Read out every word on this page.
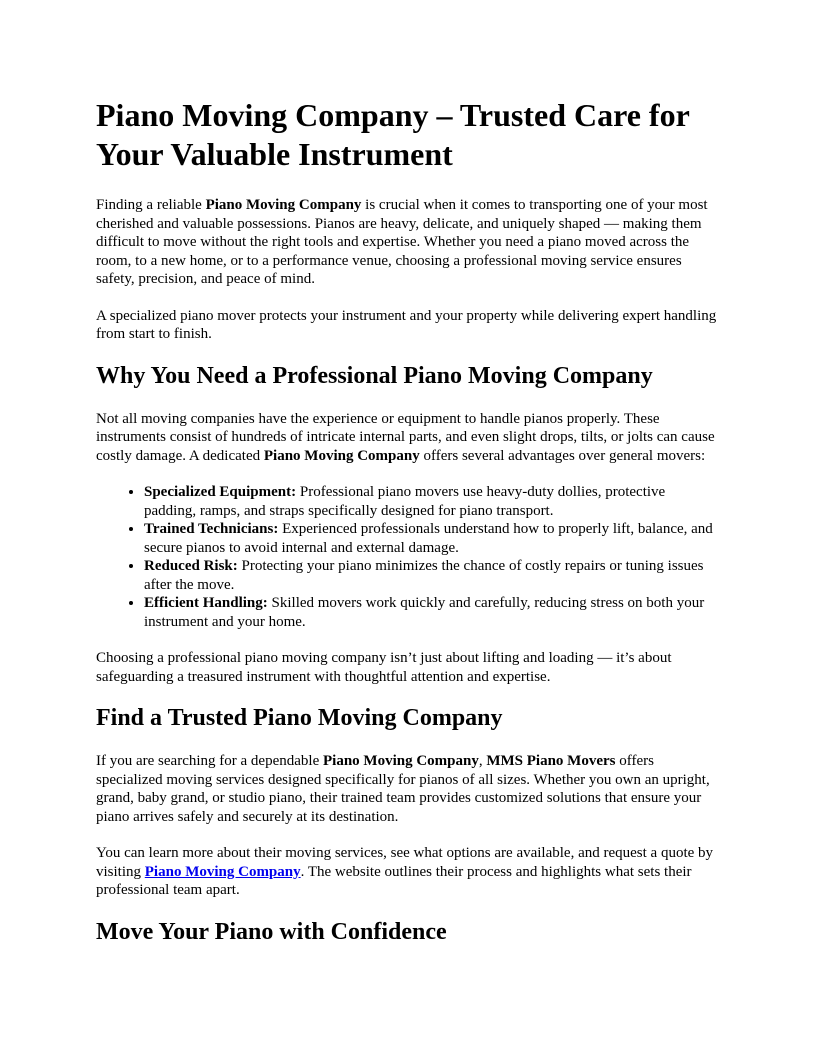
Piano Moving Company – Trusted Care for Your Valuable Instrument

Finding a reliable Piano Moving Company is crucial when it comes to transporting one of your most cherished and valuable possessions. Pianos are heavy, delicate, and uniquely shaped — making them difficult to move without the right tools and expertise. Whether you need a piano moved across the room, to a new home, or to a performance venue, choosing a professional moving service ensures safety, precision, and peace of mind.

A specialized piano mover protects your instrument and your property while delivering expert handling from start to finish.

Why You Need a Professional Piano Moving Company

Not all moving companies have the experience or equipment to handle pianos properly. These instruments consist of hundreds of intricate internal parts, and even slight drops, tilts, or jolts can cause costly damage. A dedicated Piano Moving Company offers several advantages over general movers:

• Specialized Equipment: Professional piano movers use heavy-duty dollies, protective padding, ramps, and straps specifically designed for piano transport.
• Trained Technicians: Experienced professionals understand how to properly lift, balance, and secure pianos to avoid internal and external damage.
• Reduced Risk: Protecting your piano minimizes the chance of costly repairs or tuning issues after the move.
• Efficient Handling: Skilled movers work quickly and carefully, reducing stress on both your instrument and your home.

Choosing a professional piano moving company isn’t just about lifting and loading — it’s about safeguarding a treasured instrument with thoughtful attention and expertise.

Find a Trusted Piano Moving Company

If you are searching for a dependable Piano Moving Company, MMS Piano Movers offers specialized moving services designed specifically for pianos of all sizes. Whether you own an upright, grand, baby grand, or studio piano, their trained team provides customized solutions that ensure your piano arrives safely and securely at its destination.

You can learn more about their moving services, see what options are available, and request a quote by visiting Piano Moving Company. The website outlines their process and highlights what sets their professional team apart.

Move Your Piano with Confidence
